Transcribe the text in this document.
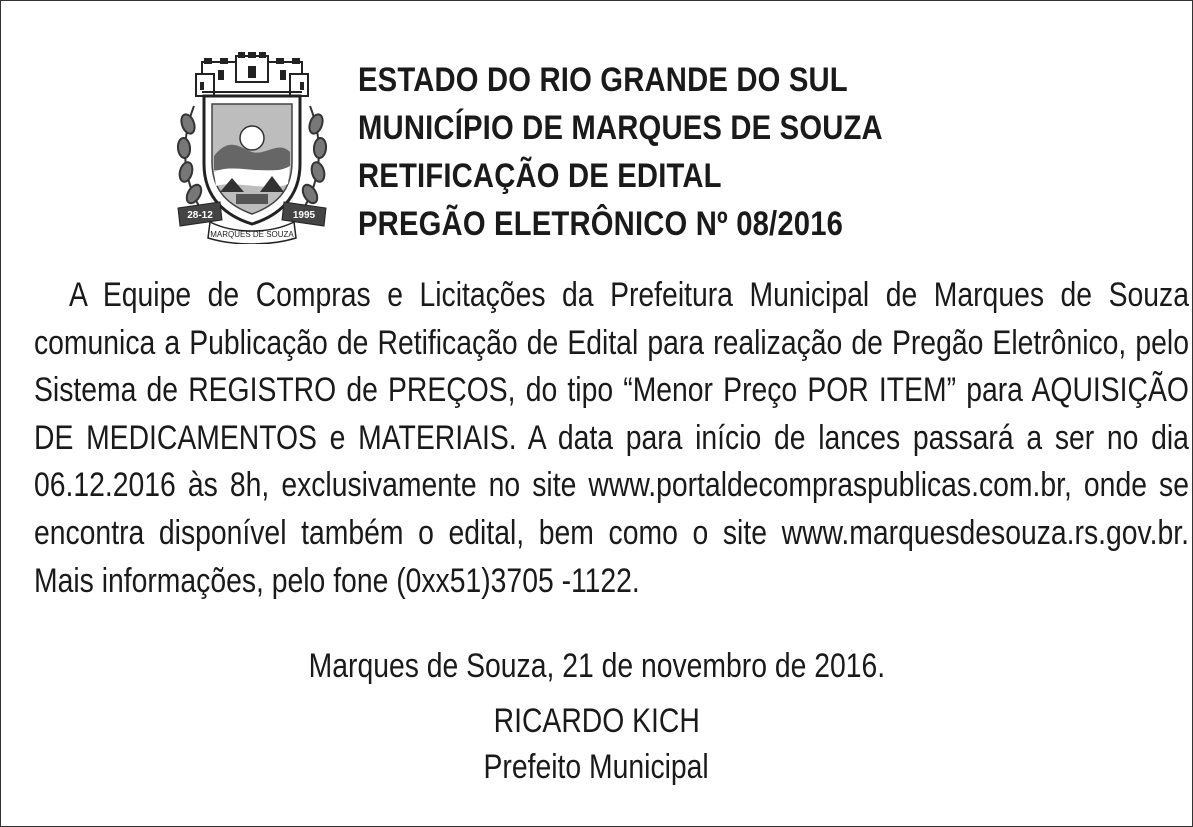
28-12	1995
MARQUES DE SOUZA
ESTADO DO RIO GRANDE DO SUL
MUNICÍPIO DE MARQUES DE SOUZA
RETIFICAÇÃO DE EDITAL
PREGÃO ELETRÔNICO Nº 08/2016
A Equipe de Compras e Licitações da Prefeitura Municipal de Marques de Souza comunica a Publicação de Retificação de Edital para realização de Pregão Eletrônico, pelo Sistema de REGISTRO de PREÇOS, do tipo “Menor Preço POR ITEM” para AQUISIÇÃO DE MEDICAMENTOS e MATERIAIS. A data para início de lances passará a ser no dia 06.12.2016 às 8h, exclusivamente no site www.portaldecompraspublicas.com.br, onde se encontra disponível também o edital, bem como o site www.marquesdesouza.rs.gov.br. Mais informações, pelo fone (0xx51)3705 -1122.
Marques de Souza, 21 de novembro de 2016.
RICARDO KICH
Prefeito Municipal
